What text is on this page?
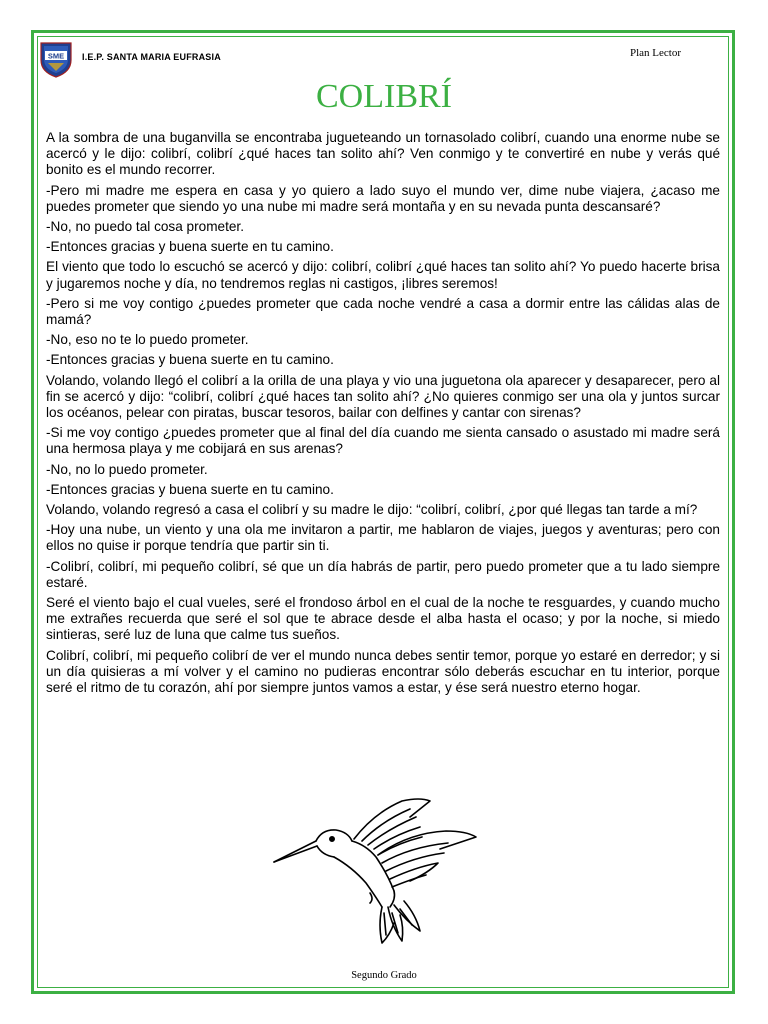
SME I.E.P. SANTA MARIA EUFRASIA	Plan Lector
COLIBRÍ

A la sombra de una buganvilla se encontraba jugueteando un tornasolado colibrí, cuando una enorme nube se acercó y le dijo: colibrí, colibrí ¿qué haces tan solito ahí? Ven conmigo y te convertiré en nube y verás qué bonito es el mundo recorrer.

-Pero mi madre me espera en casa y yo quiero a lado suyo el mundo ver, dime nube viajera, ¿acaso me puedes prometer que siendo yo una nube mi madre será montaña y en su nevada punta descansaré?

-No, no puedo tal cosa prometer.

-Entonces gracias y buena suerte en tu camino.

El viento que todo lo escuchó se acercó y dijo: colibrí, colibrí ¿qué haces tan solito ahí? Yo puedo hacerte brisa y jugaremos noche y día, no tendremos reglas ni castigos, ¡libres seremos!

-Pero si me voy contigo ¿puedes prometer que cada noche vendré a casa a dormir entre las cálidas alas de mamá?

-No, eso no te lo puedo prometer.

-Entonces gracias y buena suerte en tu camino.

Volando, volando llegó el colibrí a la orilla de una playa y vio una juguetona ola aparecer y desaparecer, pero al fin se acercó y dijo: “colibrí, colibrí ¿qué haces tan solito ahí? ¿No quieres conmigo ser una ola y juntos surcar los océanos, pelear con piratas, buscar tesoros, bailar con delfines y cantar con sirenas?

-Si me voy contigo ¿puedes prometer que al final del día cuando me sienta cansado o asustado mi madre será una hermosa playa y me cobijará en sus arenas?

-No, no lo puedo prometer.

-Entonces gracias y buena suerte en tu camino.

Volando, volando regresó a casa el colibrí y su madre le dijo: “colibrí, colibrí, ¿por qué llegas tan tarde a mí?

-Hoy una nube, un viento y una ola me invitaron a partir, me hablaron de viajes, juegos y aventuras; pero con ellos no quise ir porque tendría que partir sin ti.

-Colibrí, colibrí, mi pequeño colibrí, sé que un día habrás de partir, pero puedo prometer que a tu lado siempre estaré.

Seré el viento bajo el cual vueles, seré el frondoso árbol en el cual de la noche te resguardes, y cuando mucho me extrañes recuerda que seré el sol que te abrace desde el alba hasta el ocaso; y por la noche, si miedo sintieras, seré luz de luna que calme tus sueños.

Colibrí, colibrí, mi pequeño colibrí de ver el mundo nunca debes sentir temor, porque yo estaré en derredor; y si un día quisieras a mí volver y el camino no pudieras encontrar sólo deberás escuchar en tu interior, porque seré el ritmo de tu corazón, ahí por siempre juntos vamos a estar, y ése será nuestro eterno hogar.

Segundo Grado
